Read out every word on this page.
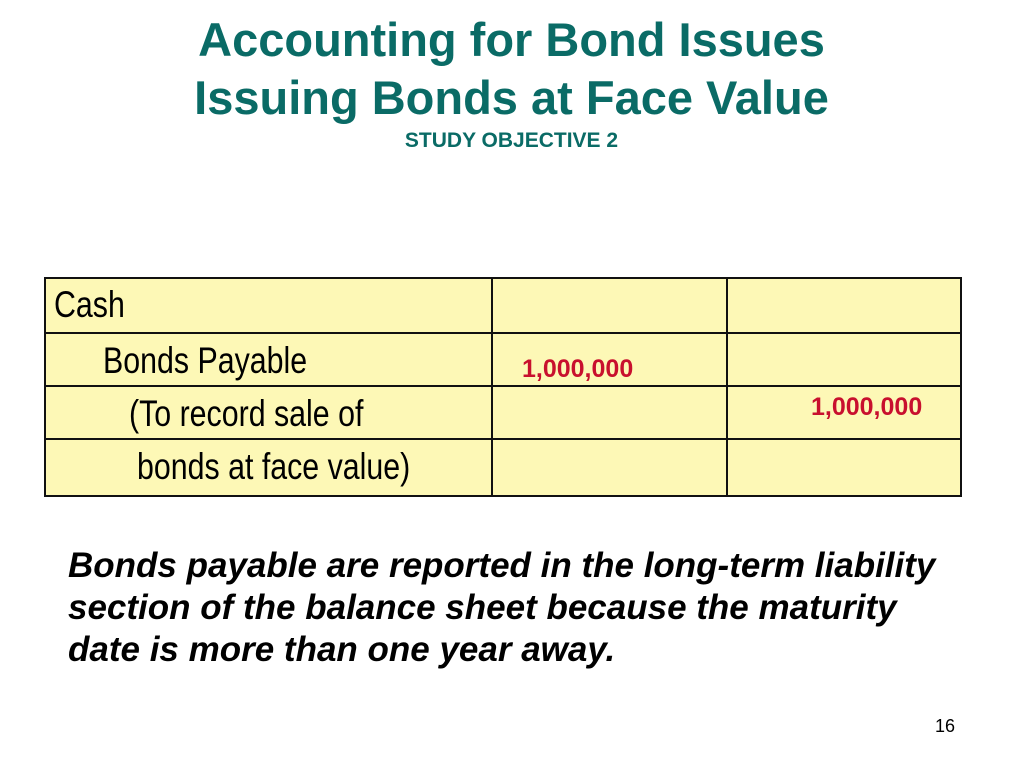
Accounting for Bond Issues
Issuing Bonds at Face Value
STUDY OBJECTIVE 2
Cash
Bonds Payable
(To record sale of
bonds at face value)
1,000,000
1,000,000

Bonds payable are reported in the long-term liability section of the balance sheet because the maturity date is more than one year away.

16
